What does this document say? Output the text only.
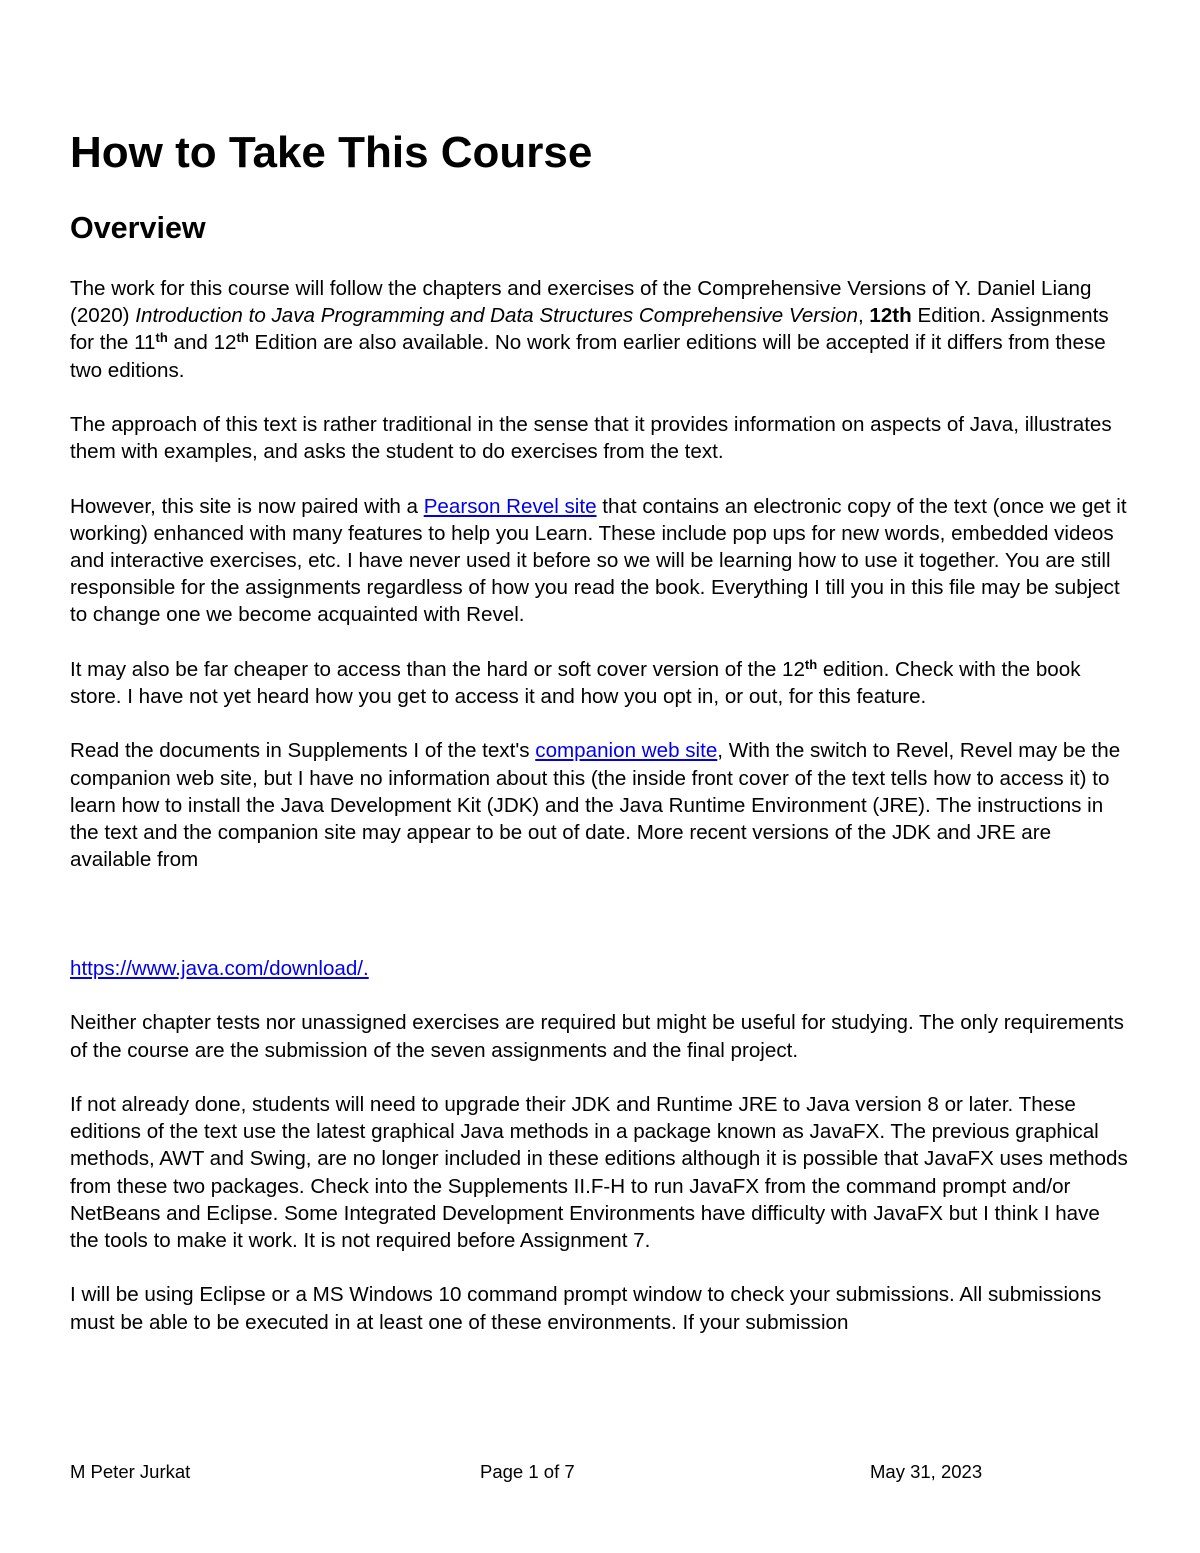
How to Take This Course
Overview

The work for this course will follow the chapters and exercises of the Comprehensive Versions of Y. Daniel Liang (2020) Introduction to Java Programming and Data Structures Comprehensive Version, 12th Edition. Assignments for the 11th and 12th Edition are also available. No work from earlier editions will be accepted if it differs from these two editions.

The approach of this text is rather traditional in the sense that it provides information on aspects of Java, illustrates them with examples, and asks the student to do exercises from the text.

However, this site is now paired with a Pearson Revel site that contains an electronic copy of the text (once we get it working) enhanced with many features to help you Learn. These include pop ups for new words, embedded videos and interactive exercises, etc. I have never used it before so we will be learning how to use it together. You are still responsible for the assignments regardless of how you read the book. Everything I till you in this file may be subject to change one we become acquainted with Revel.

It may also be far cheaper to access than the hard or soft cover version of the 12th edition. Check with the book store. I have not yet heard how you get to access it and how you opt in, or out, for this feature.

Read the documents in Supplements I of the text's companion web site, With the switch to Revel, Revel may be the companion web site, but I have no information about this (the inside front cover of the text tells how to access it) to learn how to install the Java Development Kit (JDK) and the Java Runtime Environment (JRE). The instructions in the text and the companion site may appear to be out of date. More recent versions of the JDK and JRE are available from

https://www.java.com/download/.

Neither chapter tests nor unassigned exercises are required but might be useful for studying. The only requirements of the course are the submission of the seven assignments and the final project.

If not already done, students will need to upgrade their JDK and Runtime JRE to Java version 8 or later. These editions of the text use the latest graphical Java methods in a package known as JavaFX. The previous graphical methods, AWT and Swing, are no longer included in these editions although it is possible that JavaFX uses methods from these two packages. Check into the Supplements II.F-H to run JavaFX from the command prompt and/or NetBeans and Eclipse. Some Integrated Development Environments have difficulty with JavaFX but I think I have the tools to make it work. It is not required before Assignment 7.

I will be using Eclipse or a MS Windows 10 command prompt window to check your submissions. All submissions must be able to be executed in at least one of these environments. If your submission

M Peter Jurkat	Page 1 of 7	May 31, 2023
